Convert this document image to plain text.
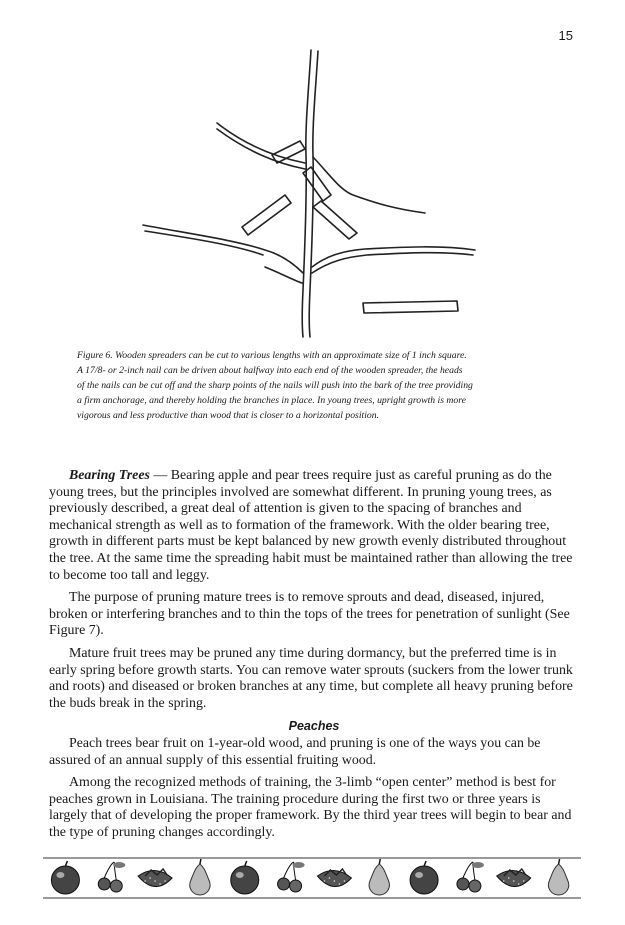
15

Figure 6. Wooden spreaders can be cut to various lengths with an approximate size of 1 inch square.

A 17/8- or 2-inch nail can be driven about halfway into each end of the wooden spreader, the heads

of the nails can be cut off and the sharp points of the nails will push into the bark of the tree providing

a firm anchorage, and thereby holding the branches in place. In young trees, upright growth is more

vigorous and less productive than wood that is closer to a horizontal position.

Bearing Trees — Bearing apple and pear trees require just as careful pruning as do the young trees, but the principles involved are somewhat different. In pruning young trees, as previously described, a great deal of attention is given to the spacing of branches and mechanical strength as well as to formation of the framework. With the older bearing tree, growth in different parts must be kept balanced by new growth evenly distributed throughout the tree. At the same time the spreading habit must be maintained rather than allowing the tree to become too tall and leggy.

The purpose of pruning mature trees is to remove sprouts and dead, diseased, injured, broken or interfering branches and to thin the tops of the trees for penetration of sunlight (See Figure 7).

Mature fruit trees may be pruned any time during dormancy, but the preferred time is in early spring before growth starts. You can remove water sprouts (suckers from the lower trunk and roots) and diseased or broken branches at any time, but complete all heavy pruning before the buds break in the spring.

Peaches

Peach trees bear fruit on 1-year-old wood, and pruning is one of the ways you can be assured of an annual supply of this essential fruiting wood.

Among the recognized methods of training, the 3-limb “open center” method is best for peaches grown in Louisiana. The training procedure during the first two or three years is largely that of developing the proper framework. By the third year trees will begin to bear and the type of pruning changes accordingly.
